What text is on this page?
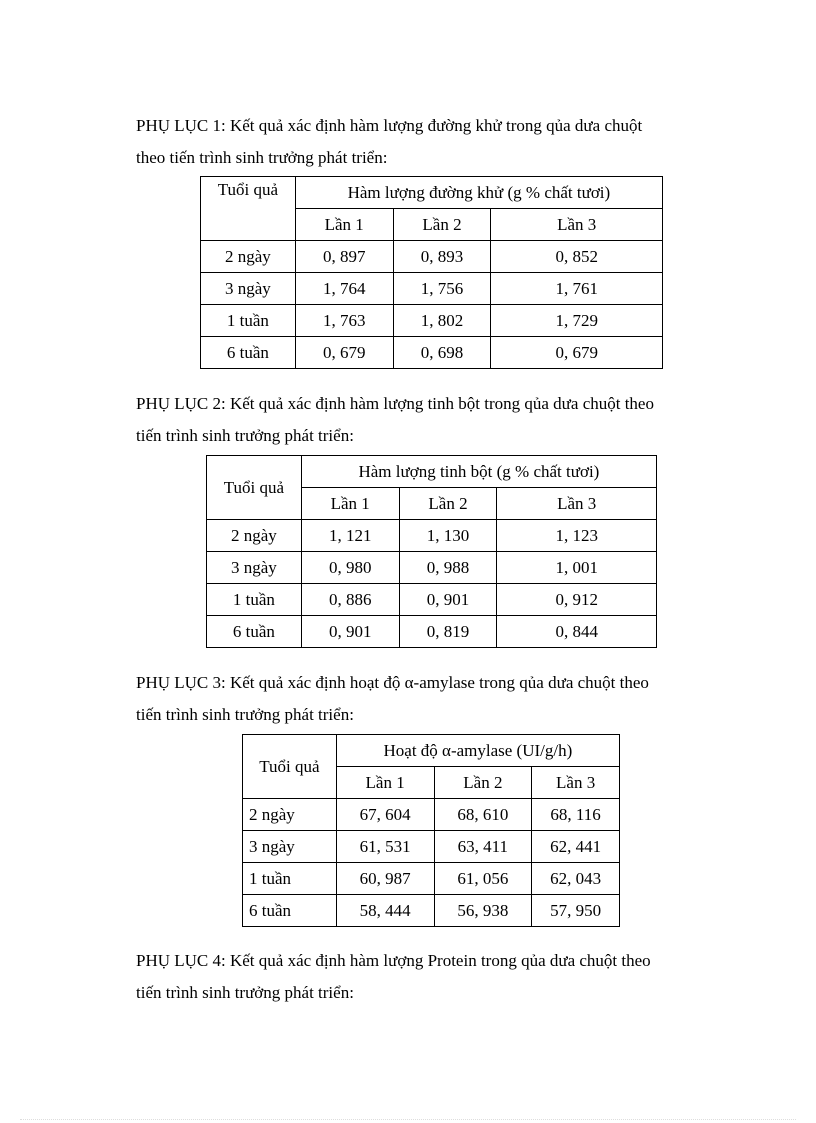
PHỤ LỤC 1: Kết quả xác định hàm lượng đường khử trong qủa dưa chuột
theo tiến trình sinh trưởng phát triển:

Tuổi quả	Hàm lượng đường khử (g % chất tươi)		
	Lần 1	Lần 2	Lần 3
2 ngày	0, 897	0, 893	0, 852
3 ngày	1, 764	1, 756	1, 761
1 tuần	1, 763	1, 802	1, 729
6 tuần	0, 679	0, 698	0, 679

PHỤ LỤC 2: Kết quả xác định hàm lượng tinh bột trong qủa dưa chuột theo
tiến trình sinh trưởng phát triển:

Tuổi quả	Hàm lượng tinh bột (g % chất tươi)		
	Lần 1	Lần 2	Lần 3
2 ngày	1, 121	1, 130	1, 123
3 ngày	0, 980	0, 988	1, 001
1 tuần	0, 886	0, 901	0, 912
6 tuần	0, 901	0, 819	0, 844

PHỤ LỤC 3: Kết quả xác định hoạt độ α-amylase trong qủa dưa chuột theo
tiến trình sinh trưởng phát triển:

Tuổi quả	Hoạt độ α-amylase (UI/g/h)		
	Lần 1	Lần 2	Lần 3
2 ngày	67, 604	68, 610	68, 116
3 ngày	61, 531	63, 411	62, 441
1 tuần	60, 987	61, 056	62, 043
6 tuần	58, 444	56, 938	57, 950

PHỤ LỤC 4: Kết quả xác định hàm lượng Protein trong qủa dưa chuột theo
tiến trình sinh trưởng phát triển:
